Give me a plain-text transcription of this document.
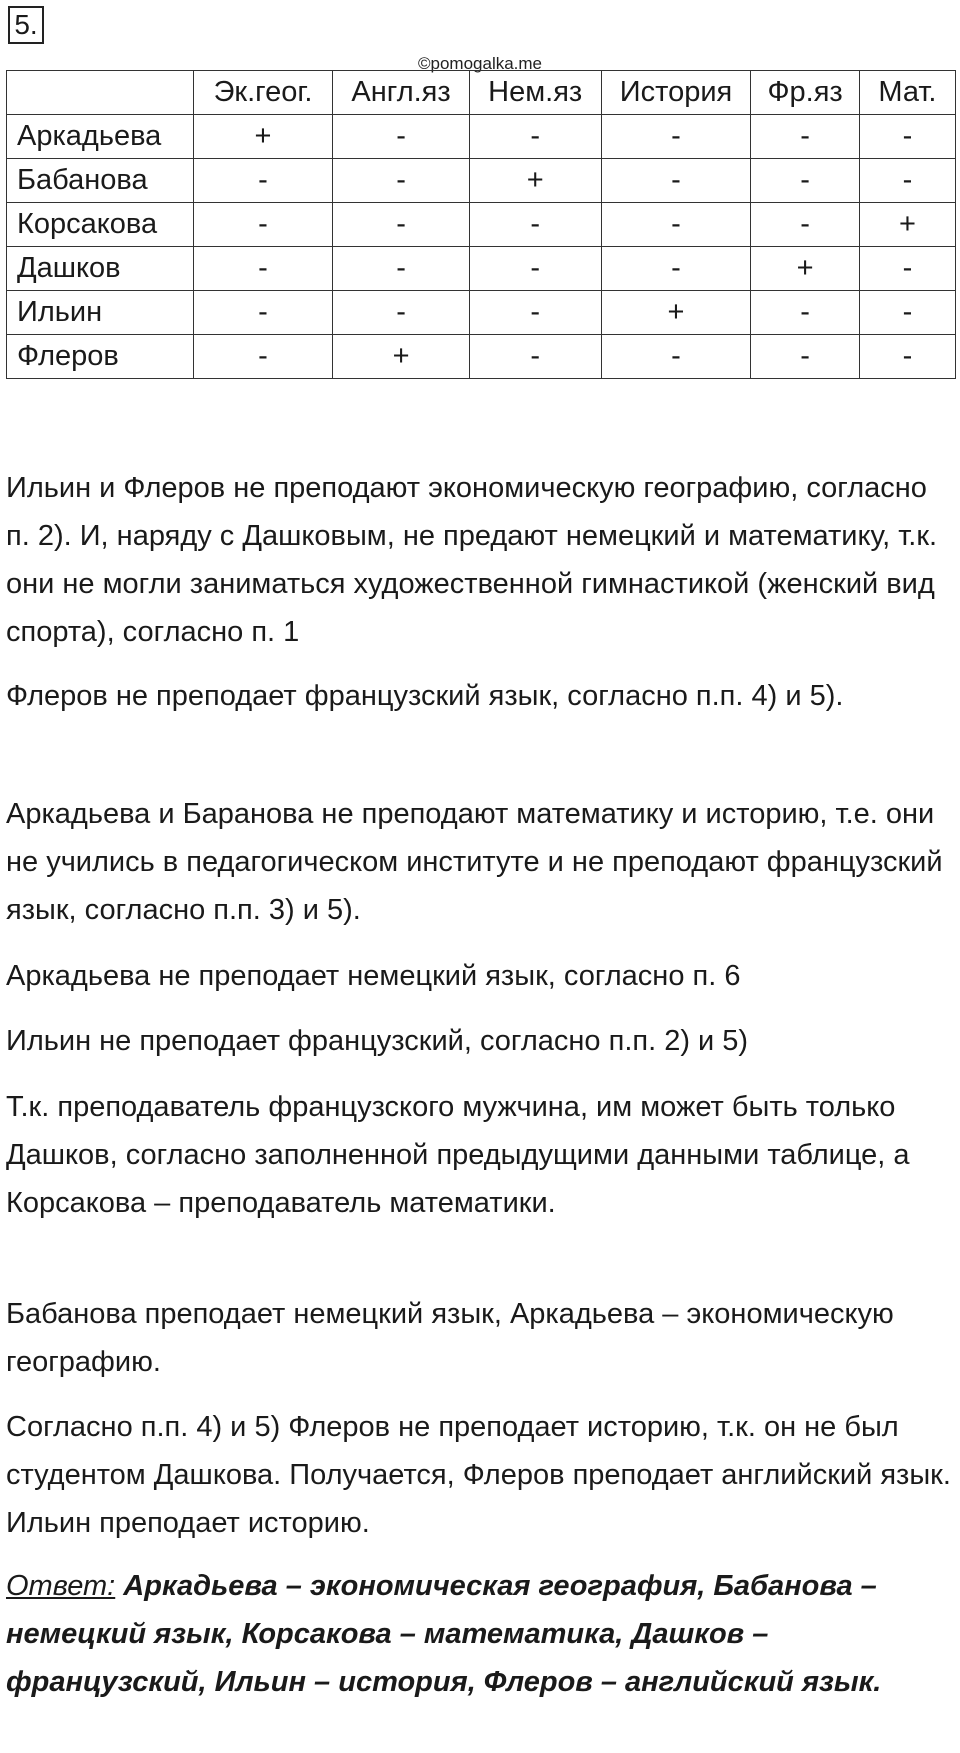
5.
©pomogalka.me
	Эк.геог.	Англ.яз	Нем.яз	История	Фр.яз	Мат.
Аркадьева	+	-	-	-	-	-
Бабанова	-	-	+	-	-	-
Корсакова	-	-	-	-	-	+
Дашков	-	-	-	-	+	-
Ильин	-	-	-	+	-	-
Флеров	-	+	-	-	-	-

Ильин и Флеров не преподают экономическую географию, согласно п. 2). И, наряду с Дашковым, не предают немецкий и математику, т.к. они не могли заниматься художественной гимнастикой (женский вид спорта), согласно п. 1

Флеров не преподает французский язык, согласно п.п. 4) и 5).

Аркадьева и Баранова не преподают математику и историю, т.е. они не учились в педагогическом институте и не преподают французский язык, согласно п.п. 3) и 5).

Аркадьева не преподает немецкий язык, согласно п. 6

Ильин не преподает французский, согласно п.п. 2) и 5)

Т.к. преподаватель французского мужчина, им может быть только Дашков, согласно заполненной предыдущими данными таблице, а Корсакова – преподаватель математики.

Бабанова преподает немецкий язык, Аркадьева – экономическую географию.

Согласно п.п. 4) и 5) Флеров не преподает историю, т.к. он не был студентом Дашкова. Получается, Флеров преподает английский язык. Ильин преподает историю.

Ответ: Аркадьева – экономическая география, Бабанова – немецкий язык, Корсакова – математика, Дашков – французский, Ильин – история, Флеров – английский язык.
